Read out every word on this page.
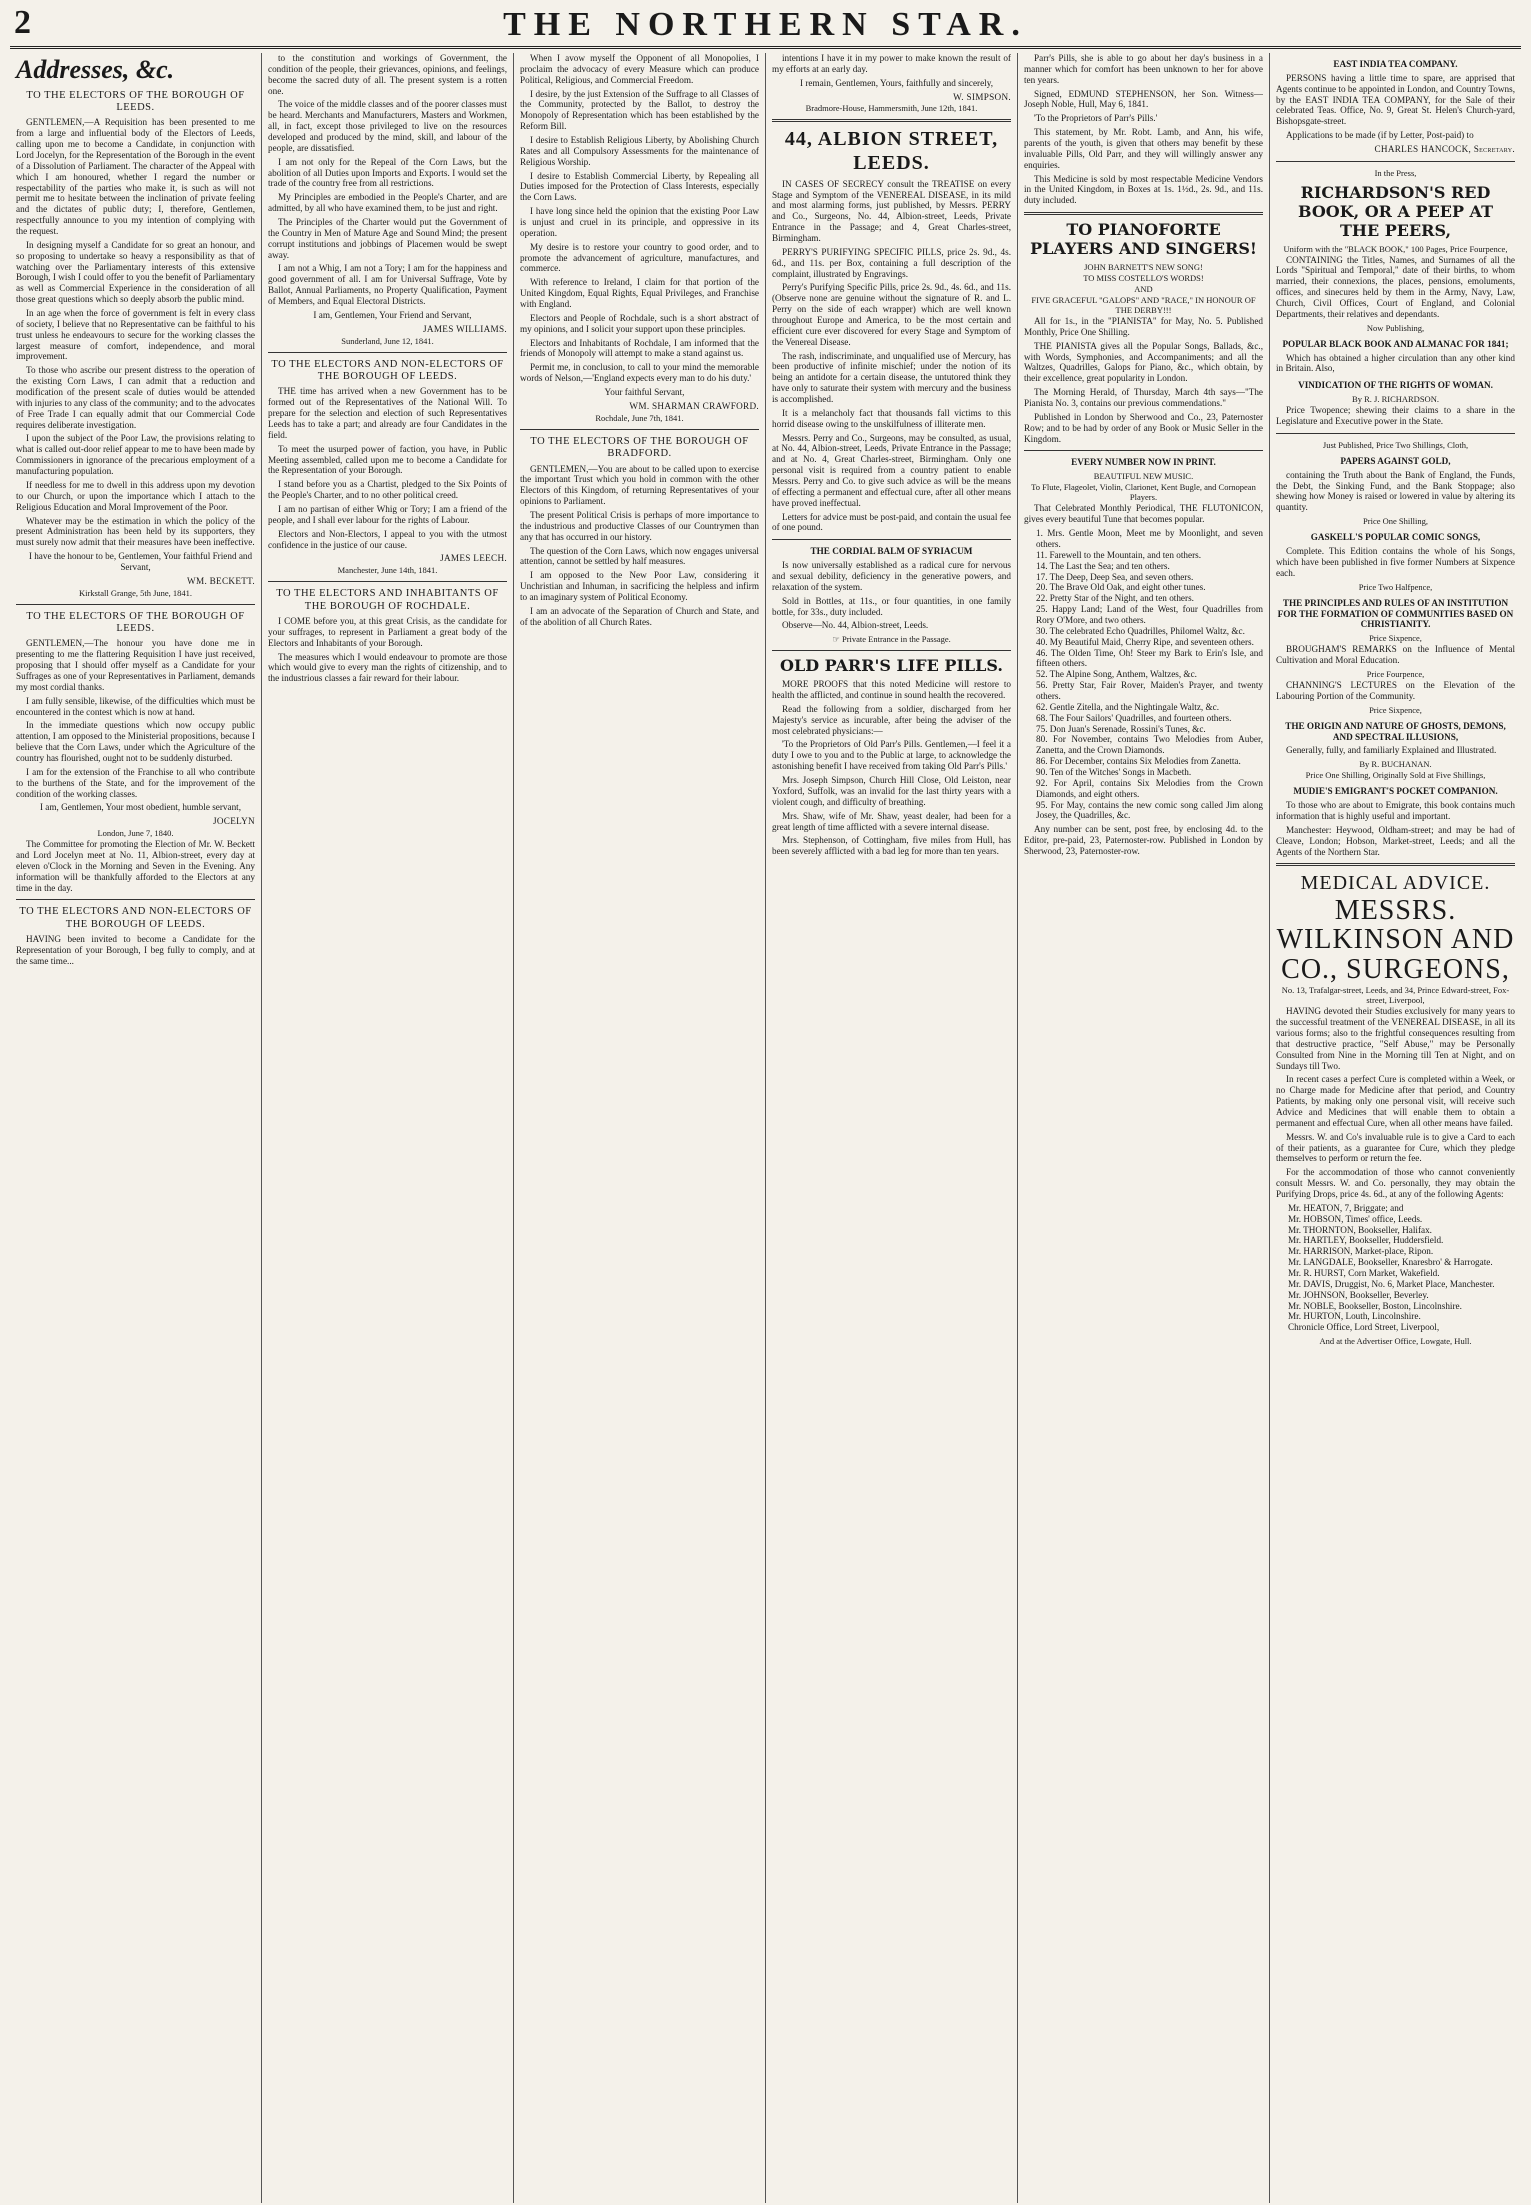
2	THE NORTHERN STAR.
Addresses, &c.
TO THE ELECTORS OF THE BOROUGH OF LEEDS.

GENTLEMEN,—A Requisition has been presented to me from a large and influential body of the Electors of Leeds, calling upon me to become a Candidate, in conjunction with Lord Jocelyn, for the Representation of the Borough in the event of a Dissolution of Parliament. The character of the Appeal with which I am honoured, whether I regard the number or respectability of the parties who make it, is such as will not permit me to hesitate between the inclination of private feeling and the dictates of public duty; I, therefore, Gentlemen, respectfully announce to you my intention of complying with the request.

In designing myself a Candidate for so great an honour, and so proposing to undertake so heavy a responsibility as that of watching over the Parliamentary interests of this extensive Borough, I wish I could offer to you the benefit of Parliamentary as well as Commercial Experience in the consideration of all those great questions which so deeply absorb the public mind.

In an age when the force of government is felt in every class of society, I believe that no Representative can be faithful to his trust unless he endeavours to secure for the working classes the largest measure of comfort, independence, and moral improvement.

To those who ascribe our present distress to the operation of the existing Corn Laws, I can admit that a reduction and modification of the present scale of duties would be attended with injuries to any class of the community; and to the advocates of Free Trade I can equally admit that our Commercial Code requires deliberate investigation.

I upon the subject of the Poor Law, the provisions relating to what is called out-door relief appear to me to have been made by Commissioners in ignorance of the precarious employment of a manufacturing population.

If needless for me to dwell in this address upon my devotion to our Church, or upon the importance which I attach to the Religious Education and Moral Improvement of the Poor.

Whatever may be the estimation in which the policy of the present Administration has been held by its supporters, they must surely now admit that their measures have been ineffective.

I have the honour to be, Gentlemen, Your faithful Friend and Servant,

WM. BECKETT.
Kirkstall Grange, 5th June, 1841.
TO THE ELECTORS OF THE BOROUGH OF LEEDS.

GENTLEMEN,—The honour you have done me in presenting to me the flattering Requisition I have just received, proposing that I should offer myself as a Candidate for your Suffrages as one of your Representatives in Parliament, demands my most cordial thanks.

I am fully sensible, likewise, of the difficulties which must be encountered in the contest which is now at hand.

In the immediate questions which now occupy public attention, I am opposed to the Ministerial propositions, because I believe that the Corn Laws, under which the Agriculture of the country has flourished, ought not to be suddenly disturbed.

I am for the extension of the Franchise to all who contribute to the burthens of the State, and for the improvement of the condition of the working classes.

I am, Gentlemen, Your most obedient, humble servant,

JOCELYN
London, June 7, 1840.

The Committee for promoting the Election of Mr. W. Beckett and Lord Jocelyn meet at No. 11, Albion-street, every day at eleven o'Clock in the Morning and Seven in the Evening. Any information will be thankfully afforded to the Electors at any time in the day.

TO THE ELECTORS AND NON-ELECTORS OF THE BOROUGH OF LEEDS.

HAVING been invited to become a Candidate for the Representation of your Borough, I beg fully to comply, and at the same time...

to the constitution and workings of Government, the condition of the people, their grievances, opinions, and feelings, become the sacred duty of all. The present system is a rotten one.

The voice of the middle classes and of the poorer classes must be heard. Merchants and Manufacturers, Masters and Workmen, all, in fact, except those privileged to live on the resources developed and produced by the mind, skill, and labour of the people, are dissatisfied.

I am not only for the Repeal of the Corn Laws, but the abolition of all Duties upon Imports and Exports. I would set the trade of the country free from all restrictions.

My Principles are embodied in the People's Charter, and are admitted, by all who have examined them, to be just and right.

The Principles of the Charter would put the Government of the Country in Men of Mature Age and Sound Mind; the present corrupt institutions and jobbings of Placemen would be swept away.

I am not a Whig, I am not a Tory; I am for the happiness and good government of all. I am for Universal Suffrage, Vote by Ballot, Annual Parliaments, no Property Qualification, Payment of Members, and Equal Electoral Districts.

I am, Gentlemen, Your Friend and Servant,

JAMES WILLIAMS.
Sunderland, June 12, 1841.
TO THE ELECTORS AND NON-ELECTORS OF THE BOROUGH OF LEEDS.

THE time has arrived when a new Government has to be formed out of the Representatives of the National Will. To prepare for the selection and election of such Representatives Leeds has to take a part; and already are four Candidates in the field.

To meet the usurped power of faction, you have, in Public Meeting assembled, called upon me to become a Candidate for the Representation of your Borough.

I stand before you as a Chartist, pledged to the Six Points of the People's Charter, and to no other political creed.

I am no partisan of either Whig or Tory; I am a friend of the people, and I shall ever labour for the rights of Labour.

Electors and Non-Electors, I appeal to you with the utmost confidence in the justice of our cause.

JAMES LEECH.
Manchester, June 14th, 1841.
TO THE ELECTORS AND INHABITANTS OF THE BOROUGH OF ROCHDALE.

I COME before you, at this great Crisis, as the candidate for your suffrages, to represent in Parliament a great body of the Electors and Inhabitants of your Borough.

The measures which I would endeavour to promote are those which would give to every man the rights of citizenship, and to the industrious classes a fair reward for their labour.

When I avow myself the Opponent of all Monopolies, I proclaim the advocacy of every Measure which can produce Political, Religious, and Commercial Freedom.

I desire, by the just Extension of the Suffrage to all Classes of the Community, protected by the Ballot, to destroy the Monopoly of Representation which has been established by the Reform Bill.

I desire to Establish Religious Liberty, by Abolishing Church Rates and all Compulsory Assessments for the maintenance of Religious Worship.

I desire to Establish Commercial Liberty, by Repealing all Duties imposed for the Protection of Class Interests, especially the Corn Laws.

I have long since held the opinion that the existing Poor Law is unjust and cruel in its principle, and oppressive in its operation.

My desire is to restore your country to good order, and to promote the advancement of agriculture, manufactures, and commerce.

With reference to Ireland, I claim for that portion of the United Kingdom, Equal Rights, Equal Privileges, and Franchise with England.

Electors and People of Rochdale, such is a short abstract of my opinions, and I solicit your support upon these principles.

Electors and Inhabitants of Rochdale, I am informed that the friends of Monopoly will attempt to make a stand against us.

Permit me, in conclusion, to call to your mind the memorable words of Nelson,—'England expects every man to do his duty.'

Your faithful Servant,

WM. SHARMAN CRAWFORD.
Rochdale, June 7th, 1841.
TO THE ELECTORS OF THE BOROUGH OF BRADFORD.

GENTLEMEN,—You are about to be called upon to exercise the important Trust which you hold in common with the other Electors of this Kingdom, of returning Representatives of your opinions to Parliament.

The present Political Crisis is perhaps of more importance to the industrious and productive Classes of our Countrymen than any that has occurred in our history.

The question of the Corn Laws, which now engages universal attention, cannot be settled by half measures.

I am opposed to the New Poor Law, considering it Unchristian and Inhuman, in sacrificing the helpless and infirm to an imaginary system of Political Economy.

I am an advocate of the Separation of Church and State, and of the abolition of all Church Rates.

intentions I have it in my power to make known the result of my efforts at an early day.

I remain, Gentlemen, Yours, faithfully and sincerely,

W. SIMPSON.
Bradmore-House, Hammersmith, June 12th, 1841.
44, ALBION STREET, LEEDS.

IN CASES OF SECRECY consult the TREATISE on every Stage and Symptom of the VENEREAL DISEASE, in its mild and most alarming forms, just published, by Messrs. PERRY and Co., Surgeons, No. 44, Albion-street, Leeds, Private Entrance in the Passage; and 4, Great Charles-street, Birmingham.

PERRY'S PURIFYING SPECIFIC PILLS, price 2s. 9d., 4s. 6d., and 11s. per Box, containing a full description of the complaint, illustrated by Engravings.

Perry's Purifying Specific Pills, price 2s. 9d., 4s. 6d., and 11s. (Observe none are genuine without the signature of R. and L. Perry on the side of each wrapper) which are well known throughout Europe and America, to be the most certain and efficient cure ever discovered for every Stage and Symptom of the Venereal Disease.

The rash, indiscriminate, and unqualified use of Mercury, has been productive of infinite mischief; under the notion of its being an antidote for a certain disease, the untutored think they have only to saturate their system with mercury and the business is accomplished.

It is a melancholy fact that thousands fall victims to this horrid disease owing to the unskilfulness of illiterate men.

Messrs. Perry and Co., Surgeons, may be consulted, as usual, at No. 44, Albion-street, Leeds, Private Entrance in the Passage; and at No. 4, Great Charles-street, Birmingham. Only one personal visit is required from a country patient to enable Messrs. Perry and Co. to give such advice as will be the means of effecting a permanent and effectual cure, after all other means have proved ineffectual.

Letters for advice must be post-paid, and contain the usual fee of one pound.

THE CORDIAL BALM OF SYRIACUM

Is now universally established as a radical cure for nervous and sexual debility, deficiency in the generative powers, and relaxation of the system.

Sold in Bottles, at 11s., or four quantities, in one family bottle, for 33s., duty included.

Observe—No. 44, Albion-street, Leeds.

☞ Private Entrance in the Passage.
OLD PARR'S LIFE PILLS.

MORE PROOFS that this noted Medicine will restore to health the afflicted, and continue in sound health the recovered.

Read the following from a soldier, discharged from her Majesty's service as incurable, after being the adviser of the most celebrated physicians:—

'To the Proprietors of Old Parr's Pills. Gentlemen,—I feel it a duty I owe to you and to the Public at large, to acknowledge the astonishing benefit I have received from taking Old Parr's Pills.'

Mrs. Joseph Simpson, Church Hill Close, Old Leiston, near Yoxford, Suffolk, was an invalid for the last thirty years with a violent cough, and difficulty of breathing.

Mrs. Shaw, wife of Mr. Shaw, yeast dealer, had been for a great length of time afflicted with a severe internal disease.

Mrs. Stephenson, of Cottingham, five miles from Hull, has been severely afflicted with a bad leg for more than ten years.

Parr's Pills, she is able to go about her day's business in a manner which for comfort has been unknown to her for above ten years.

Signed, EDMUND STEPHENSON, her Son. Witness—Joseph Noble, Hull, May 6, 1841.

'To the Proprietors of Parr's Pills.'

This statement, by Mr. Robt. Lamb, and Ann, his wife, parents of the youth, is given that others may benefit by these invaluable Pills, Old Parr, and they will willingly answer any enquiries.

This Medicine is sold by most respectable Medicine Vendors in the United Kingdom, in Boxes at 1s. 1½d., 2s. 9d., and 11s. duty included.

TO PIANOFORTE PLAYERS AND SINGERS!
JOHN BARNETT'S NEW SONG!
TO MISS COSTELLO'S WORDS!
AND
FIVE GRACEFUL "GALOPS" AND "RACE," IN HONOUR OF THE DERBY!!!

All for 1s., in the "PIANISTA" for May, No. 5. Published Monthly, Price One Shilling.

THE PIANISTA gives all the Popular Songs, Ballads, &c., with Words, Symphonies, and Accompaniments; and all the Waltzes, Quadrilles, Galops for Piano, &c., which obtain, by their excellence, great popularity in London.

The Morning Herald, of Thursday, March 4th says—"The Pianista No. 3, contains our previous commendations."

Published in London by Sherwood and Co., 23, Paternoster Row; and to be had by order of any Book or Music Seller in the Kingdom.

EVERY NUMBER NOW IN PRINT.
BEAUTIFUL NEW MUSIC.
To Flute, Flageolet, Violin, Clarionet, Kent Bugle, and Cornopean Players.

That Celebrated Monthly Periodical, THE FLUTONICON, gives every beautiful Tune that becomes popular.

1. Mrs. Gentle Moon, Meet me by Moonlight, and seven others.
11. Farewell to the Mountain, and ten others.
14. The Last the Sea; and ten others.
17. The Deep, Deep Sea, and seven others.
20. The Brave Old Oak, and eight other tunes.
22. Pretty Star of the Night, and ten others.
25. Happy Land; Land of the West, four Quadrilles from Rory O'More, and two others.
30. The celebrated Echo Quadrilles, Philomel Waltz, &c.
40. My Beautiful Maid, Cherry Ripe, and seventeen others.
46. The Olden Time, Oh! Steer my Bark to Erin's Isle, and fifteen others.
52. The Alpine Song, Anthem, Waltzes, &c.
56. Pretty Star, Fair Rover, Maiden's Prayer, and twenty others.
62. Gentle Zitella, and the Nightingale Waltz, &c.
68. The Four Sailors' Quadrilles, and fourteen others.
75. Don Juan's Serenade, Rossini's Tunes, &c.
80. For November, contains Two Melodies from Auber, Zanetta, and the Crown Diamonds.
86. For December, contains Six Melodies from Zanetta.
90. Ten of the Witches' Songs in Macbeth.
92. For April, contains Six Melodies from the Crown Diamonds, and eight others.
95. For May, contains the new comic song called Jim along Josey, the Quadrilles, &c.

Any number can be sent, post free, by enclosing 4d. to the Editor, pre-paid, 23, Paternoster-row. Published in London by Sherwood, 23, Paternoster-row.

EAST INDIA TEA COMPANY.

PERSONS having a little time to spare, are apprised that Agents continue to be appointed in London, and Country Towns, by the EAST INDIA TEA COMPANY, for the Sale of their celebrated Teas. Office, No. 9, Great St. Helen's Church-yard, Bishopsgate-street.

Applications to be made (if by Letter, Post-paid) to

CHARLES HANCOCK, Secretary.
In the Press,
RICHARDSON'S RED BOOK, OR A PEEP AT THE PEERS,
Uniform with the "BLACK BOOK," 100 Pages, Price Fourpence,

CONTAINING the Titles, Names, and Surnames of all the Lords "Spiritual and Temporal," date of their births, to whom married, their connexions, the places, pensions, emoluments, offices, and sinecures held by them in the Army, Navy, Law, Church, Civil Offices, Court of England, and Colonial Departments, their relatives and dependants.

Now Publishing,
POPULAR BLACK BOOK AND ALMANAC FOR 1841;

Which has obtained a higher circulation than any other kind in Britain. Also,

VINDICATION OF THE RIGHTS OF WOMAN.
By R. J. RICHARDSON.

Price Twopence; shewing their claims to a share in the Legislature and Executive power in the State.

Just Published, Price Two Shillings, Cloth,
PAPERS AGAINST GOLD,

containing the Truth about the Bank of England, the Funds, the Debt, the Sinking Fund, and the Bank Stoppage; also shewing how Money is raised or lowered in value by altering its quantity.

Price One Shilling,
GASKELL'S POPULAR COMIC SONGS,

Complete. This Edition contains the whole of his Songs, which have been published in five former Numbers at Sixpence each.

Price Two Halfpence,
THE PRINCIPLES AND RULES OF AN INSTITUTION FOR THE FORMATION OF COMMUNITIES BASED ON CHRISTIANITY.
Price Sixpence,

BROUGHAM'S REMARKS on the Influence of Mental Cultivation and Moral Education.

Price Fourpence,

CHANNING'S LECTURES on the Elevation of the Labouring Portion of the Community.

Price Sixpence,
THE ORIGIN AND NATURE OF GHOSTS, DEMONS, AND SPECTRAL ILLUSIONS,

Generally, fully, and familiarly Explained and Illustrated.

By R. BUCHANAN.
Price One Shilling, Originally Sold at Five Shillings,
MUDIE'S EMIGRANT'S POCKET COMPANION.

To those who are about to Emigrate, this book contains much information that is highly useful and important.

Manchester: Heywood, Oldham-street; and may be had of Cleave, London; Hobson, Market-street, Leeds; and all the Agents of the Northern Star.

MEDICAL ADVICE.
MESSRS. WILKINSON AND CO., SURGEONS,
No. 13, Trafalgar-street, Leeds, and 34, Prince Edward-street, Fox-street, Liverpool,

HAVING devoted their Studies exclusively for many years to the successful treatment of the VENEREAL DISEASE, in all its various forms; also to the frightful consequences resulting from that destructive practice, "Self Abuse," may be Personally Consulted from Nine in the Morning till Ten at Night, and on Sundays till Two.

In recent cases a perfect Cure is completed within a Week, or no Charge made for Medicine after that period, and Country Patients, by making only one personal visit, will receive such Advice and Medicines that will enable them to obtain a permanent and effectual Cure, when all other means have failed.

Messrs. W. and Co's invaluable rule is to give a Card to each of their patients, as a guarantee for Cure, which they pledge themselves to perform or return the fee.

For the accommodation of those who cannot conveniently consult Messrs. W. and Co. personally, they may obtain the Purifying Drops, price 4s. 6d., at any of the following Agents:

Mr. HEATON, 7, Briggate; and
Mr. HOBSON, Times' office, Leeds.
Mr. THORNTON, Bookseller, Halifax.
Mr. HARTLEY, Bookseller, Huddersfield.
Mr. HARRISON, Market-place, Ripon.
Mr. LANGDALE, Bookseller, Knaresbro' & Harrogate.
Mr. R. HURST, Corn Market, Wakefield.
Mr. DAVIS, Druggist, No. 6, Market Place, Manchester.
Mr. JOHNSON, Bookseller, Beverley.
Mr. NOBLE, Bookseller, Boston, Lincolnshire.
Mr. HURTON, Louth, Lincolnshire.
Chronicle Office, Lord Street, Liverpool,
And at the Advertiser Office, Lowgate, Hull.
